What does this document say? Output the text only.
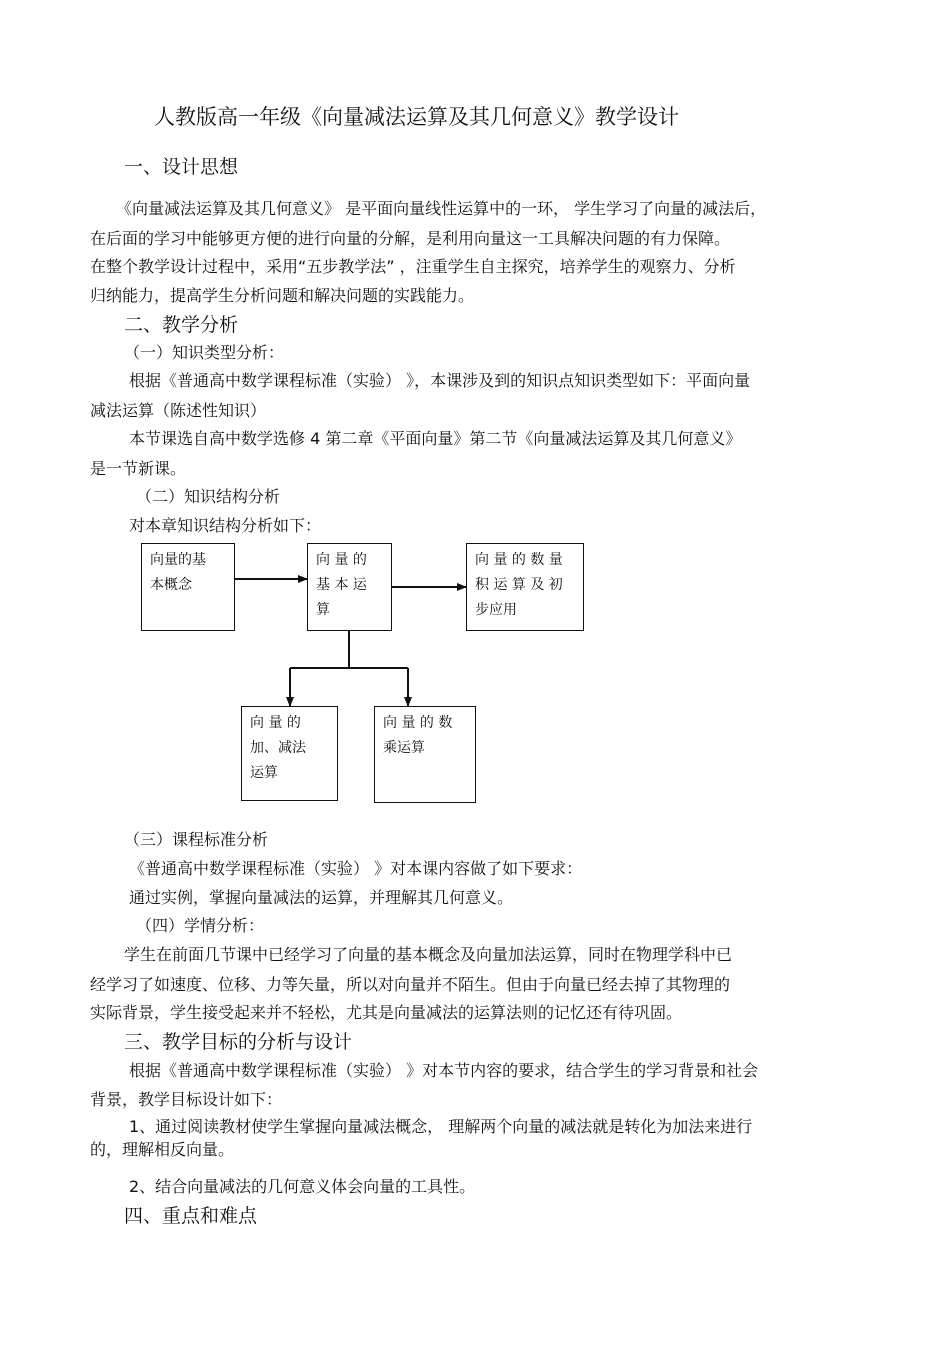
人教版高一年级《向量减法运算及其几何意义》教学设计
一、设计思想
《向量减法运算及其几何意义》 是平面向量线性运算中的一环， 学生学习了向量的减法后，
在后面的学习中能够更方便的进行向量的分解，是利用向量这一工具解决问题的有力保障。
在整个教学设计过程中，采用“五步教学法” ，注重学生自主探究，培养学生的观察力、分析
归纳能力，提高学生分析问题和解决问题的实践能力。
二、教学分析
（一）知识类型分析：
根据《普通高中数学课程标准（实验） 》，本课涉及到的知识点知识类型如下：平面向量
减法运算（陈述性知识）
本节课选自高中数学选修 4 第二章《平面向量》第二节《向量减法运算及其几何意义》
是一节新课。
（二）知识结构分析
对本章知识结构分析如下：
向量的基
本概念
向 量 的
基 本 运
算
向 量 的 数 量
积 运 算 及 初
步应用
向 量 的
加、减法
运算
向 量 的 数
乘运算
（三）课程标准分析
《普通高中数学课程标准（实验） 》对本课内容做了如下要求：
通过实例，掌握向量减法的运算，并理解其几何意义。
（四）学情分析：
学生在前面几节课中已经学习了向量的基本概念及向量加法运算，同时在物理学科中已
经学习了如速度、位移、力等矢量，所以对向量并不陌生。但由于向量已经去掉了其物理的
实际背景，学生接受起来并不轻松，尤其是向量减法的运算法则的记忆还有待巩固。
三、教学目标的分析与设计
根据《普通高中数学课程标准（实验） 》对本节内容的要求，结合学生的学习背景和社会
背景，教学目标设计如下：
1、通过阅读教材使学生掌握向量减法概念， 理解两个向量的减法就是转化为加法来进行
的，理解相反向量。
2、结合向量减法的几何意义体会向量的工具性。
四、重点和难点
